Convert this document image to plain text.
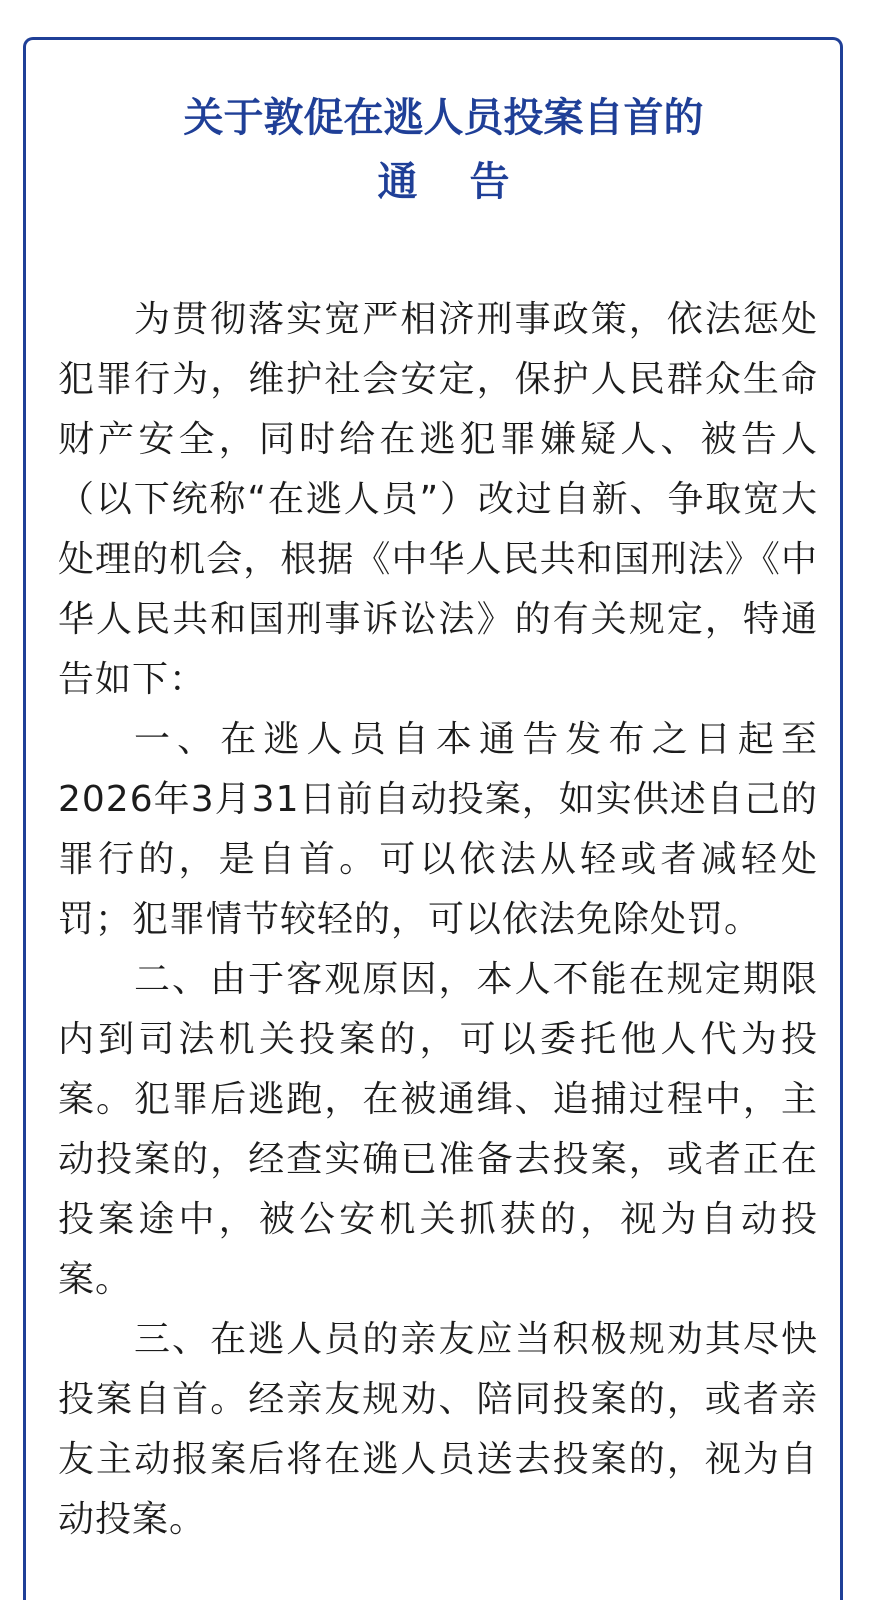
关于敦促在逃人员投案自首的
通告

为贯彻落实宽严相济刑事政策，依法惩处犯罪行为，维护社会安定，保护人民群众生命财产安全，同时给在逃犯罪嫌疑人、被告人（以下统称“在逃人员”）改过自新、争取宽大处理的机会，根据《中华人民共和国刑法》《中华人民共和国刑事诉讼法》的有关规定，特通告如下：

一、在逃人员自本通告发布之日起至2026年3月31日前自动投案，如实供述自己的罪行的，是自首。可以依法从轻或者减轻处罚；犯罪情节较轻的，可以依法免除处罚。

二、由于客观原因，本人不能在规定期限内到司法机关投案的，可以委托他人代为投案。犯罪后逃跑，在被通缉、追捕过程中，主动投案的，经查实确已准备去投案，或者正在投案途中，被公安机关抓获的，视为自动投案。

三、在逃人员的亲友应当积极规劝其尽快投案自首。经亲友规劝、陪同投案的，或者亲友主动报案后将在逃人员送去投案的，视为自动投案。
